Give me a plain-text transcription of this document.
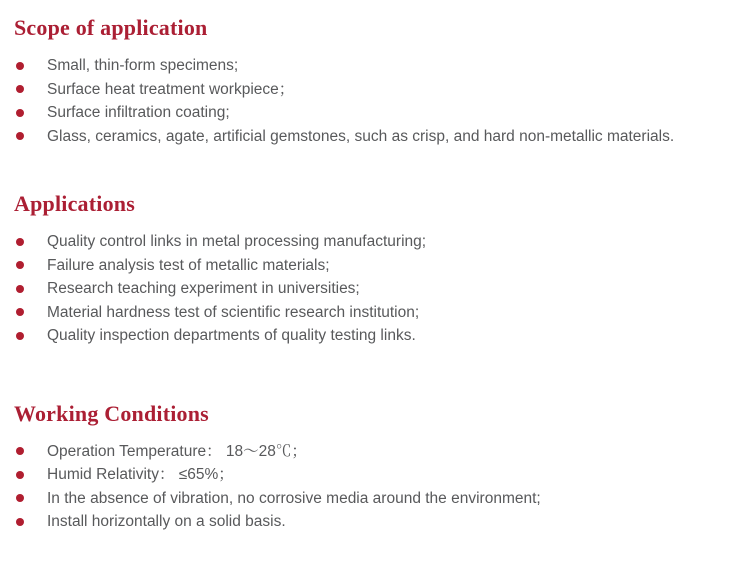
Scope of application
Small, thin-form specimens;
Surface heat treatment workpiece；
Surface infiltration coating;
Glass, ceramics, agate, artificial gemstones, such as crisp, and hard non-metallic materials.
Applications
Quality control links in metal processing manufacturing;
Failure analysis test of metallic materials;
Research teaching experiment in universities;
Material hardness test of scientific research institution;
Quality inspection departments of quality testing links.
Working Conditions
Operation Temperature： 18～28℃；
Humid Relativity： ≤65%；
In the absence of vibration, no corrosive media around the environment;
Install horizontally on a solid basis.
